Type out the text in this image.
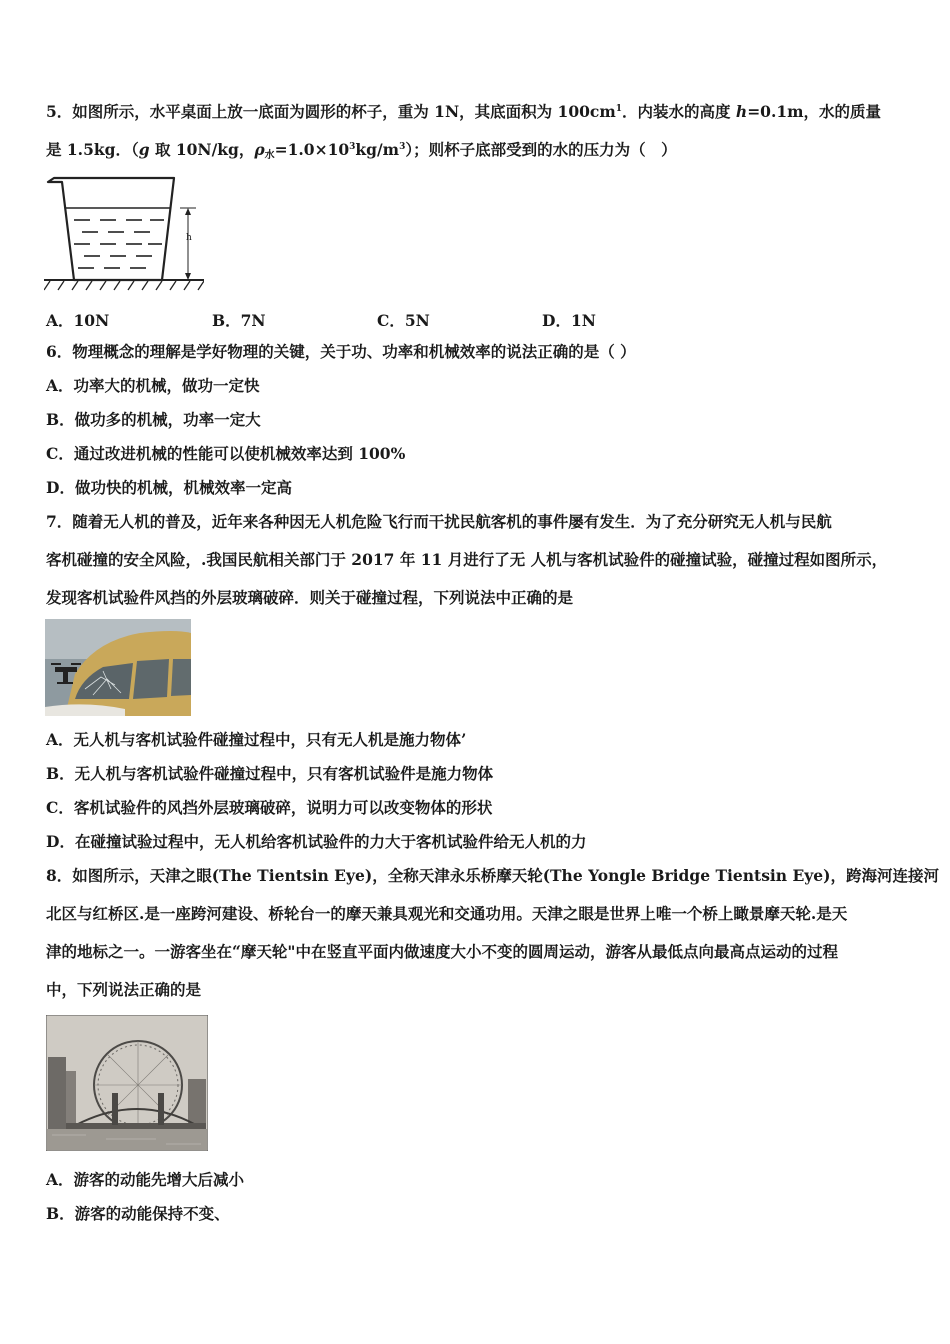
5．如图所示，水平桌面上放一底面为圆形的杯子，重为 1N，其底面积为 $100cm^1$．内装水的高度 h=0.1m，水的质量
是 1.5kg．（g 取 10N/kg，$\rho_水=1.0\times 10^3kg/m^3$）；则杯子底部受到的水的压力为（　）
h
A．10N	B．7N	C．5N	D．1N
6．物理概念的理解是学好物理的关键，关于功、功率和机械效率的说法正确的是（ ）
A．功率大的机械，做功一定快
B．做功多的机械，功率一定大
C．通过改进机械的性能可以使机械效率达到 100%
D．做功快的机械，机械效率一定高
7．随着无人机的普及，近年来各种因无人机危险飞行而干扰民航客机的事件屡有发生．为了充分研究无人机与民航
客机碰撞的安全风险，.我国民航相关部门于 2017 年 11 月进行了无 人机与客机试验件的碰撞试验，碰撞过程如图所示，
发现客机试验件风挡的外层玻璃破碎．则关于碰撞过程，下列说法中正确的是
A．无人机与客机试验件碰撞过程中，只有无人机是施力物体’
B．无人机与客机试验件碰撞过程中，只有客机试验件是施力物体
C．客机试验件的风挡外层玻璃破碎，说明力可以改变物体的形状
D．在碰撞试验过程中，无人机给客机试验件的力大于客机试验件给无人机的力
8．如图所示，天津之眼(The Tientsin Eye)，全称天津永乐桥摩天轮(The Yongle Bridge Tientsin Eye)，跨海河连接河
北区与红桥区.是一座跨河建设、桥轮台一的摩天兼具观光和交通功用。天津之眼是世界上唯一个桥上瞰景摩天轮.是天
津的地标之一。一游客坐在“摩天轮"中在竖直平面内做速度大小不变的圆周运动，游客从最低点向最高点运动的过程
中，下列说法正确的是
A．游客的动能先增大后减小
B．游客的动能保持不变、
